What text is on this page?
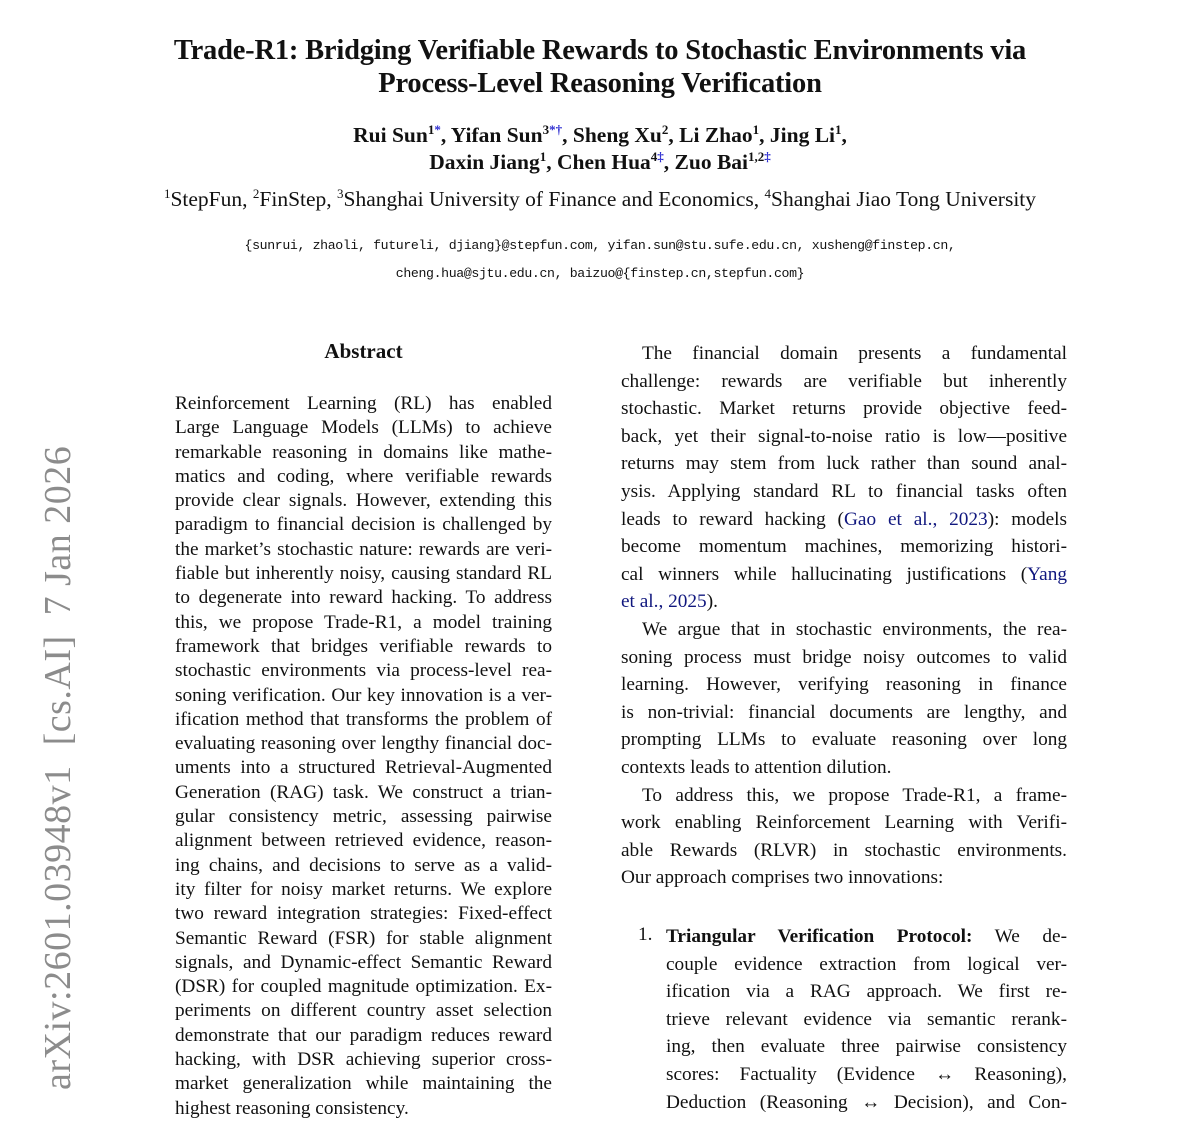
Trade-R1: Bridging Verifiable Rewards to Stochastic Environments via
Process-Level Reasoning Verification
Rui Sun$^{1*}$, Yifan Sun$^{3*\dagger}$, Sheng Xu$^2$, Li Zhao$^1$, Jing Li$^1$,
Daxin Jiang$^1$, Chen Hua$^{4\ddagger}$, Zuo Bai$^{1,2\ddagger}$
$^1$StepFun, $^2$FinStep, $^3$Shanghai University of Finance and Economics, $^4$Shanghai Jiao Tong University
{sunrui, zhaoli, futureli, djiang}@stepfun.com, yifan.sun@stu.sufe.edu.cn, xusheng@finstep.cn,
cheng.hua@sjtu.edu.cn, baizuo@{finstep.cn,stepfun.com}
arXiv:2601.03948v1  [cs.AI]  7 Jan 2026
Abstract
Reinforcement Learning (RL) has enabled
Large Language Models (LLMs) to achieve
remarkable reasoning in domains like mathe-
matics and coding, where verifiable rewards
provide clear signals. However, extending this
paradigm to financial decision is challenged by
the market’s stochastic nature: rewards are veri-
fiable but inherently noisy, causing standard RL
to degenerate into reward hacking. To address
this, we propose Trade-R1, a model training
framework that bridges verifiable rewards to
stochastic environments via process-level rea-
soning verification. Our key innovation is a ver-
ification method that transforms the problem of
evaluating reasoning over lengthy financial doc-
uments into a structured Retrieval-Augmented
Generation (RAG) task. We construct a trian-
gular consistency metric, assessing pairwise
alignment between retrieved evidence, reason-
ing chains, and decisions to serve as a valid-
ity filter for noisy market returns. We explore
two reward integration strategies: Fixed-effect
Semantic Reward (FSR) for stable alignment
signals, and Dynamic-effect Semantic Reward
(DSR) for coupled magnitude optimization. Ex-
periments on different country asset selection
demonstrate that our paradigm reduces reward
hacking, with DSR achieving superior cross-
market generalization while maintaining the
highest reasoning consistency.
The financial domain presents a fundamental
challenge: rewards are verifiable but inherently
stochastic. Market returns provide objective feed-
back, yet their signal-to-noise ratio is low—positive
returns may stem from luck rather than sound anal-
ysis. Applying standard RL to financial tasks often
leads to reward hacking (Gao et al., 2023): models
become momentum machines, memorizing histori-
cal winners while hallucinating justifications (Yang
et al., 2025).
We argue that in stochastic environments, the rea-
soning process must bridge noisy outcomes to valid
learning. However, verifying reasoning in finance
is non-trivial: financial documents are lengthy, and
prompting LLMs to evaluate reasoning over long
contexts leads to attention dilution.
To address this, we propose Trade-R1, a frame-
work enabling Reinforcement Learning with Verifi-
able Rewards (RLVR) in stochastic environments.
Our approach comprises two innovations:
1. Triangular Verification Protocol: We de-
couple evidence extraction from logical ver-
ification via a RAG approach. We first re-
trieve relevant evidence via semantic rerank-
ing, then evaluate three pairwise consistency
scores: Factuality (Evidence ↔ Reasoning),
Deduction (Reasoning ↔ Decision), and Con-
